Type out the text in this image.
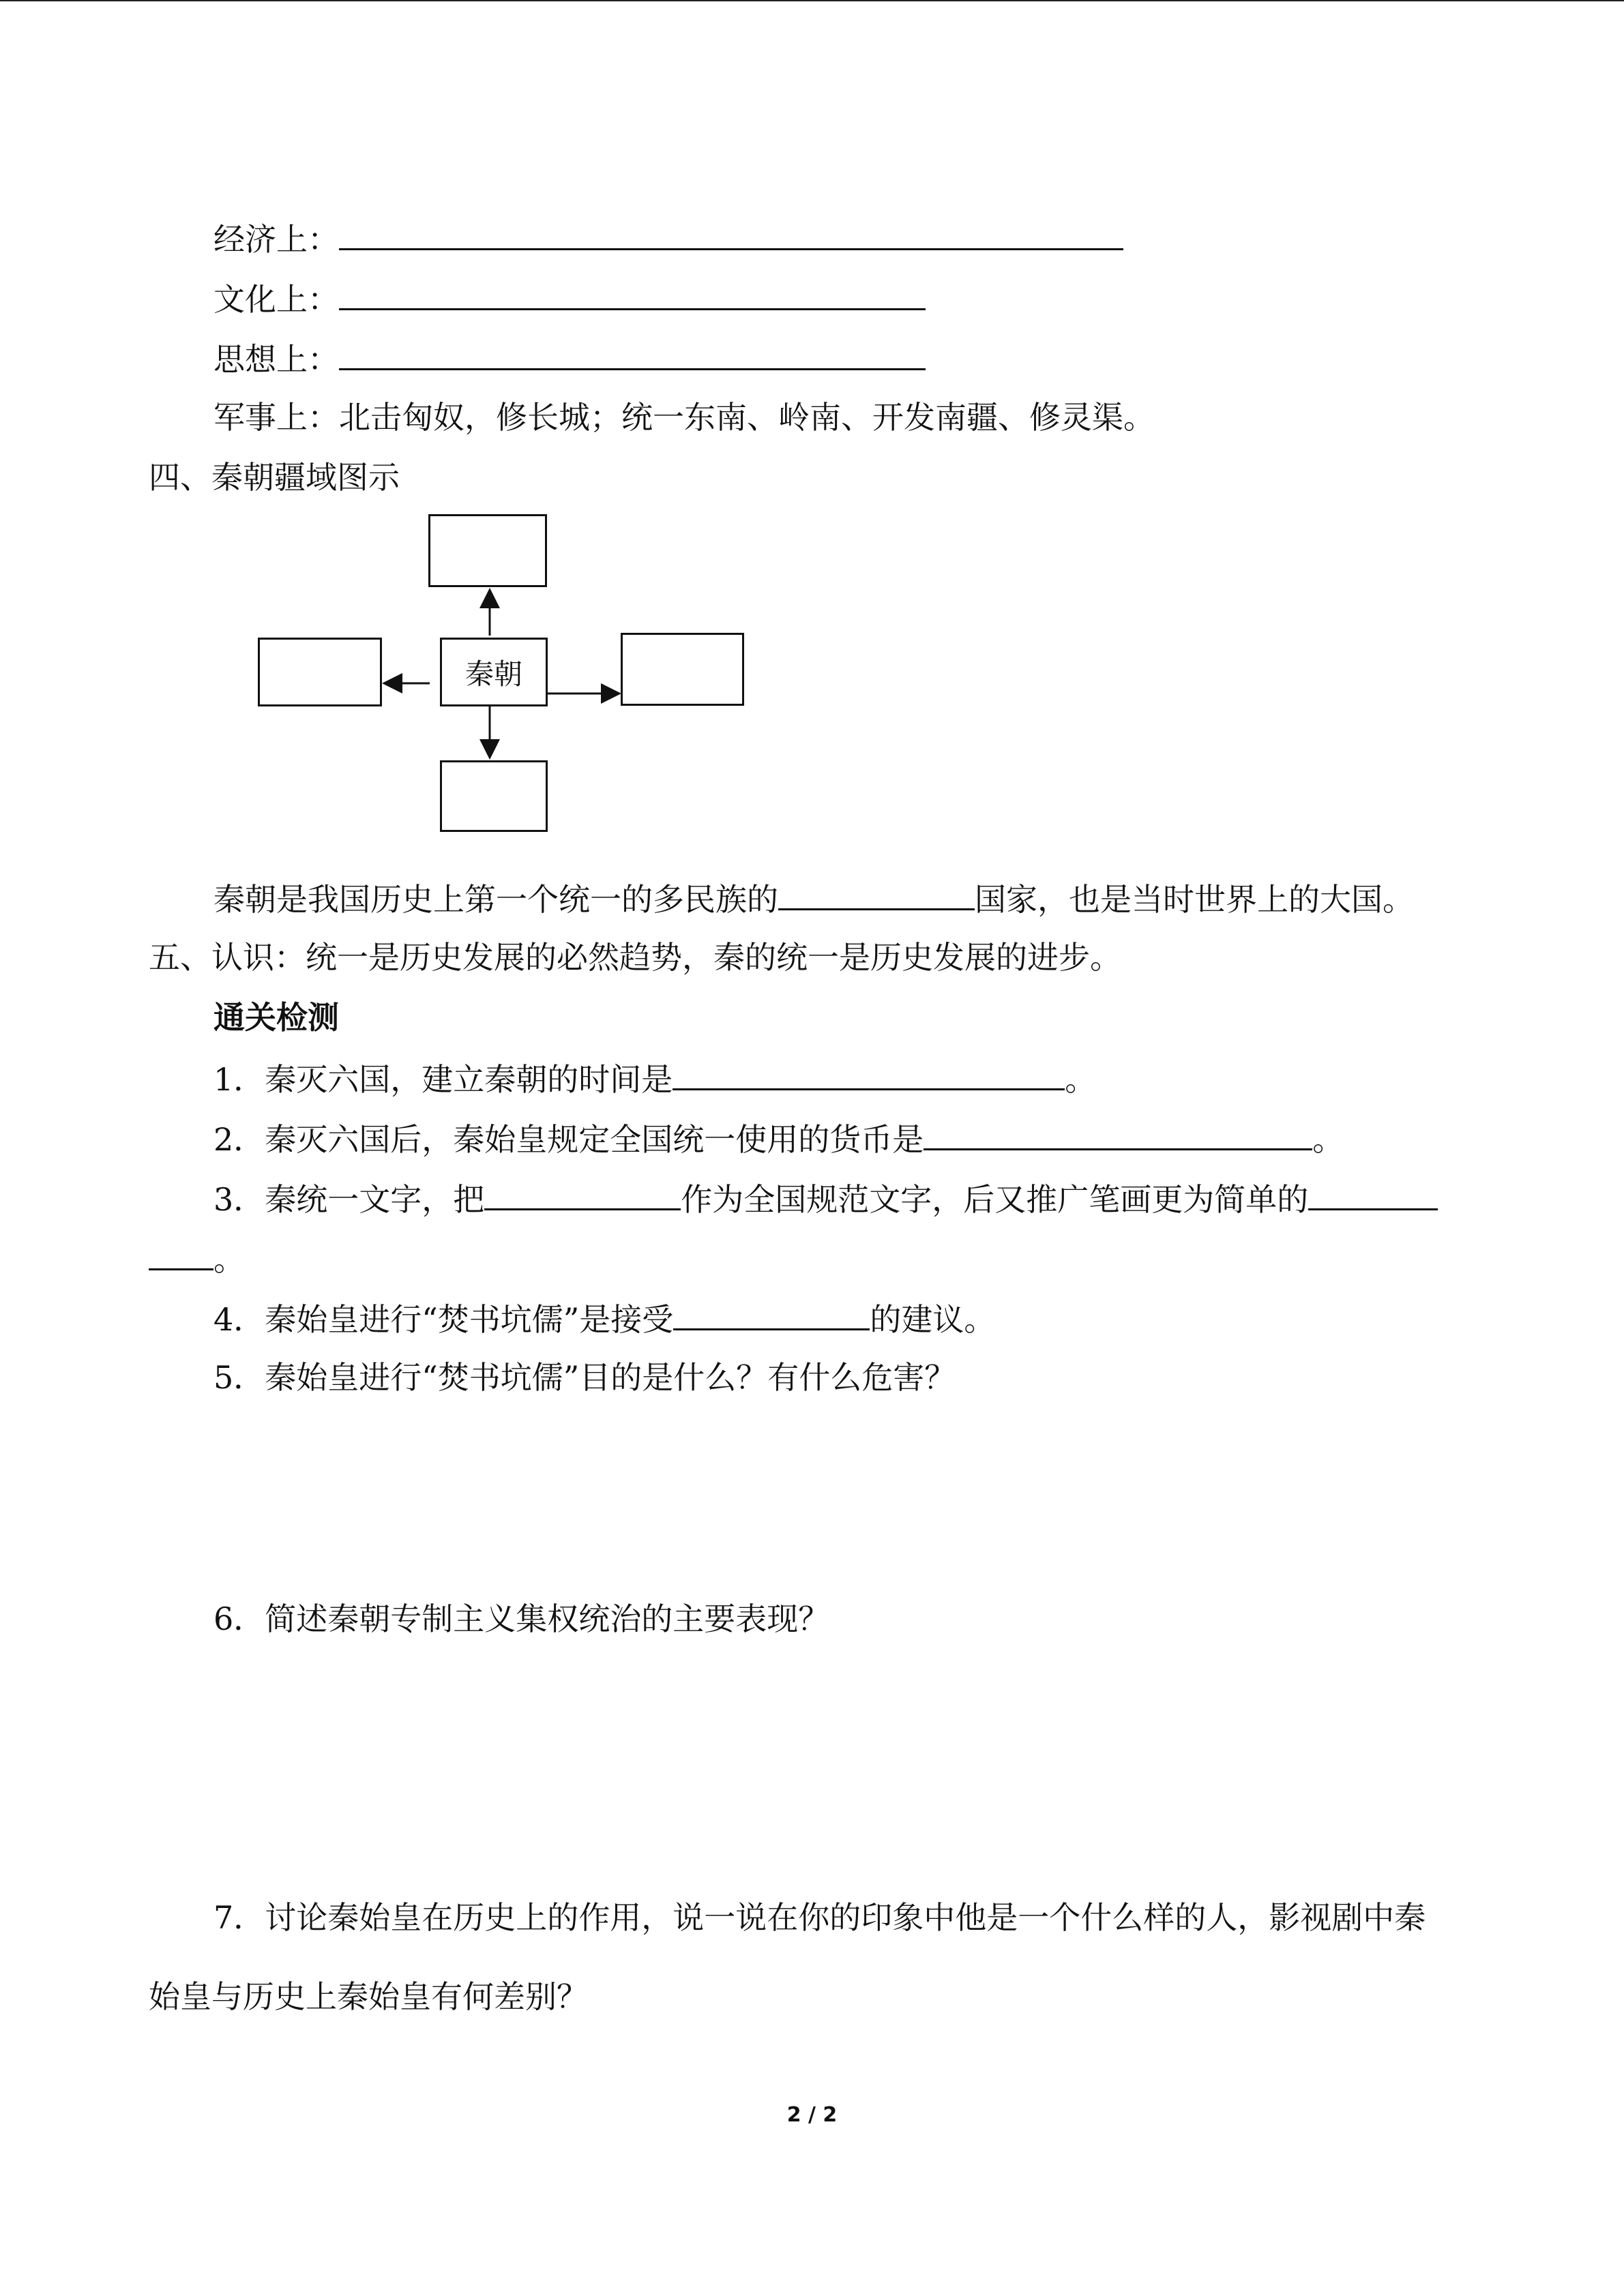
经济上：
文化上：
思想上：
军事上：北击匈奴，修长城；统一东南、岭南、开发南疆、修灵渠。
四、秦朝疆域图示
秦朝
秦朝是我国历史上第一个统一的多民族的	国家，也是当时世界上的大国。
五、认识：统一是历史发展的必然趋势，秦的统一是历史发展的进步。
通关检测
1．秦灭六国，建立秦朝的时间是	。
2．秦灭六国后，秦始皇规定全国统一使用的货币是	。
3．秦统一文字，把	作为全国规范文字，后又推广笔画更为简单的
。
4．秦始皇进行“焚书坑儒”是接受	的建议。
5．秦始皇进行“焚书坑儒”目的是什么？有什么危害？
6．简述秦朝专制主义集权统治的主要表现？
7．讨论秦始皇在历史上的作用，说一说在你的印象中他是一个什么样的人，影视剧中秦
始皇与历史上秦始皇有何差别？
2 / 2
